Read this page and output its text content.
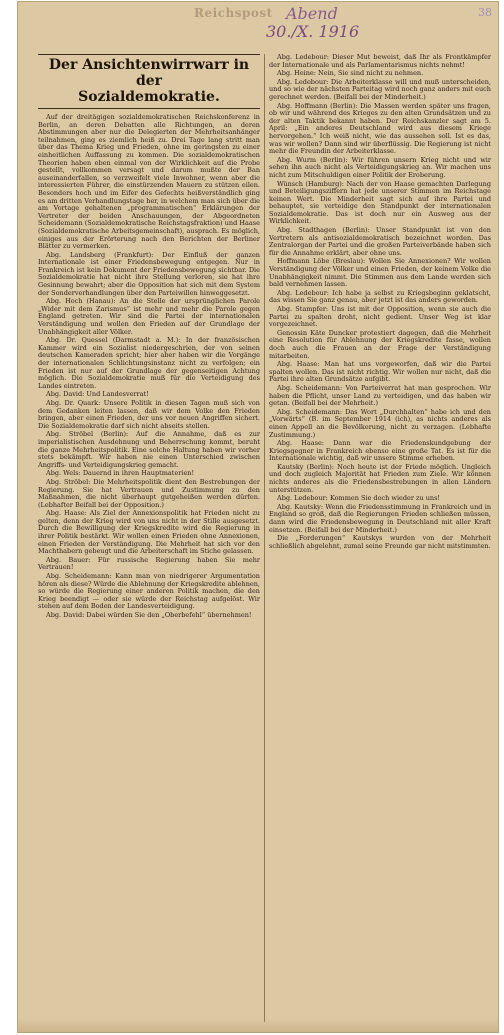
Reichspost Abend
30./X. 1916
38
Der Ansichtenwirrwarr in der
Sozialdemokratie.

Auf der dreitägigen sozialdemokratischen Reichskonferenz in Berlin, an deren Debatten alle Richtungen, an deren Abstimmungen aber nur die Delegierten der Mehrheitsanhänger teilnahmen, ging es ziemlich heiß zu. Drei Tage lang stritt man über das Thema Krieg und Frieden, ohne im geringsten zu einer einheitlichen Auffassung zu kommen. Die sozialdemokratischen Theorien haben eben einmal von der Wirklichkeit auf die Probe gestellt, vollkommen versagt und darum mußte der Ban auseinanderfallen, so verzweifelt viele Inwohner, wenn aber die interessierten Führer, die einstürzenden Mauern zu stützen eilen. Besonders hoch und im Eifer des Gefechts heißverständlich ging es am dritten Verhandlungstage her, in welchem man sich über die am Vortage gehaltenen „programmatischen“ Erklärungen der Vertreter der beiden Anschauungen, der Abgeordneten Scheidemann (Sozialdemokratische Reichstagsfraktion) und Haase (Sozialdemokratische Arbeitsgemeinschaft), ausprach. Es möglich, einiges aus der Erörterung nach den Berichten der Berliner Blätter zu vermerken.

Abg. Landsberg (Frankfurt): Der Einfluß der ganzen Internationale ist einer Friedensbewegung entgegen. Nur in Frankreich ist kein Dokument der Friedensbewegung sichtbar. Die Sozialdemokratie hat nicht ihre Stellung verloren, sie hat ihre Gesinnung bewahrt; aber die Opposition hat sich mit dem System der Sonderverhandlungen über den Parteiwillen hinweggesetzt.

Abg. Hoch (Hanau): An die Stelle der ursprünglichen Parole „Wider mit dem Zarismus“ ist mehr und mehr die Parole gegen England getreten. Wir sind die Partei der internationalen Verständigung und wollen den Frieden auf der Grundlage der Unabhängigkeit aller Völker.

Abg. Dr. Quessel (Darmstadt a. M.): In der französischen Kammer wird ein Sozialist niedergeschrien, der von seinen deutschen Kameraden spricht; hier aber haben wir die Vorgänge der internationalen Schlichtungsinstanz nicht zu verfolgen; ein Frieden ist nur auf der Grundlage der gegenseitigen Achtung möglich. Die Sozialdemokratie muß für die Verteidigung des Landes eintreten.

Abg. David: Und Landesverrat!

Abg. Dr. Quark: Unsere Politik in diesen Tagen muß sich von dem Gedanken leiten lassen, daß wir dem Volke den Frieden bringen, aber einen Frieden, der uns vor neuen Angriffen sichert. Die Sozialdemokratie darf sich nicht abseits stellen.

Abg. Ströbel (Berlin): Auf die Annahme, daß es zur imperialistischen Ausdehnung und Beherrschung kommt, beruht die ganze Mehrheitspolitik. Eine solche Haltung haben wir vorher stets bekämpft. Wir haben nie einen Unterschied zwischen Angriffs- und Verteidigungskrieg gemacht.

Abg. Wels: Dauernd in ihren Hauptmaterien!

Abg. Ströbel: Die Mehrheitspolitik dient den Bestrebungen der Regierung. Sie hat Vertrauen und Zustimmung zu den Maßnahmen, die nicht überhaupt gutgeheißen werden dürfen. (Lebhafter Beifall bei der Opposition.)

Abg. Haase: Als Ziel der Annexionspolitik hat Frieden nicht zu gelten, denn der Krieg wird von uns nicht in der Stille ausgesetzt. Durch die Bewilligung der Kriegskredite wird die Regierung in ihrer Politik bestärkt. Wir wollen einen Frieden ohne Annexionen, einen Frieden der Verständigung. Die Mehrheit hat sich vor den Machthabern gebeugt und die Arbeiterschaft im Stiche gelassen.

Abg. Bauer: Für russische Regierung haben Sie mehr Vertrauen!

Abg. Scheidemann: Kann man von niedrigerer Argumentation hören als diese? Würde die Ablehnung der Kriegskredite ablehnen, so würde die Regierung einer anderen Politik machen, die den Krieg beendigt — oder sie würde der Reichstag aufgelöst. Wir stehen auf dem Boden der Landesverteidigung.

Abg. David: Dabei würden Sie den „Oberbefehl“ übernehmen!

Abg. Ledebour: Dieser Mut beweist, daß Ihr als Frontkämpfer der Internationale und als Parlamentarismus nichts nehmt!

Abg. Heine: Nein, Sie sind nicht zu nehmen.

Abg. Ledebour: Die Arbeiterklasse will und muß unterscheiden, und so wie der nächsten Parteitag wird noch ganz anders mit euch gerechnet werden. (Beifall bei der Minderheit.)

Abg. Hoffmann (Berlin): Die Massen werden später uns fragen, ob wir und während des Krieges zu den alten Grundsätzen und zu der alten Taktik bekannt haben. Der Reichskanzler sagt am 5. April: „Ein anderes Deutschland wird aus diesem Kriege hervorgehen.“ Ich weiß nicht, wie das aussehen soll. Ist es das, was wir wollen? Dann sind wir überflüssig. Die Regierung ist nicht mehr die Freundin der Arbeiterklasse.

Abg. Wurm (Berlin): Wir führen unsern Krieg nicht und wir sehen ihn auch nicht als Verteidigungskrieg an. Wir machen uns nicht zum Mitschuldigen einer Politik der Eroberung.

Wünsch (Hamburg): Nach der von Haase gemachten Darlegung und Beteiligungsziffern hat jede unserer Stimmen im Reichstage keinen Wert. Die Minderheit sagt sich auf ihre Partei und behauptet, sie verteidige den Standpunkt der internationalen Sozialdemokratie. Das ist doch nur ein Ausweg aus der Wirklichkeit.

Abg. Stadthagen (Berlin): Unser Standpunkt ist von den Vertretern als antisozialdemokratisch bezeichnet worden. Das Zentralorgan der Partei und die großen Parteiverbände haben sich für die Annahme erklärt, aber ohne uns.

Hoffmann Löbe (Breslau): Wollen Sie Annexionen? Wir wollen Verständigung der Völker und einen Frieden, der keinem Volke die Unabhängigkeit nimmt. Die Stimmen aus dem Lande werden sich bald vernehmen lassen.

Abg. Ledebour: Ich habe ja selbst zu Kriegsbeginn geklatscht, das wissen Sie ganz genau, aber jetzt ist das anders geworden.

Abg. Stampfer: Uns ist mit der Opposition, wenn sie auch die Partei zu spalten droht, nicht gedient. Unser Weg ist klar vorgezeichnet.

Genossin Käte Duncker protestiert dagegen, daß die Mehrheit eine Resolution für Ablehnung der Kriegskredite fasse, wollen doch auch die Frauen an der Frage der Verständigung mitarbeiten.

Abg. Haase: Man hat uns vorgeworfen, daß wir die Partei spalten wollen. Das ist nicht richtig. Wir wollen nur nicht, daß die Partei ihre alten Grundsätze aufgibt.

Abg. Scheidemann: Von Parteiverrat hat man gesprochen. Wir haben die Pflicht, unser Land zu verteidigen, und das haben wir getan. (Beifall bei der Mehrheit.)

Abg. Scheidemann: Das Wort „Durchhalten“ habe ich und den „Vorwärts“ (B. im September 1914 (ich), as nichts anderes als einen Appell an die Bevölkerung, nicht zu verzagen. (Lebhafte Zustimmung.)

Abg. Haase: Dann war die Friedenskundgebung der Kriegsgegner in Frankreich ebenso eine große Tat. Es ist für die Internationale wichtig, daß wir unsere Stimme erheben.

Kautsky (Berlin): Noch heute ist der Friede möglich. Ungleich und doch zugleich Majorität hat Frieden zum Ziele. Wir können nichts anderes als die Friedensbestrebungen in allen Ländern unterstützen.

Abg. Ledebour: Kommen Sie doch wieder zu uns!

Abg. Kautsky: Wenn die Friedensstimmung in Frankreich und in England so groß, daß die Regierungen Frieden schließen müssen, dann wird die Friedensbewegung in Deutschland mit aller Kraft einsetzen. (Beifall bei der Minderheit.)

Die „Forderungen“ Kautskys wurden von der Mehrheit schließlich abgelehnt, zumal seine Freunde gar nicht mitstimmten.
